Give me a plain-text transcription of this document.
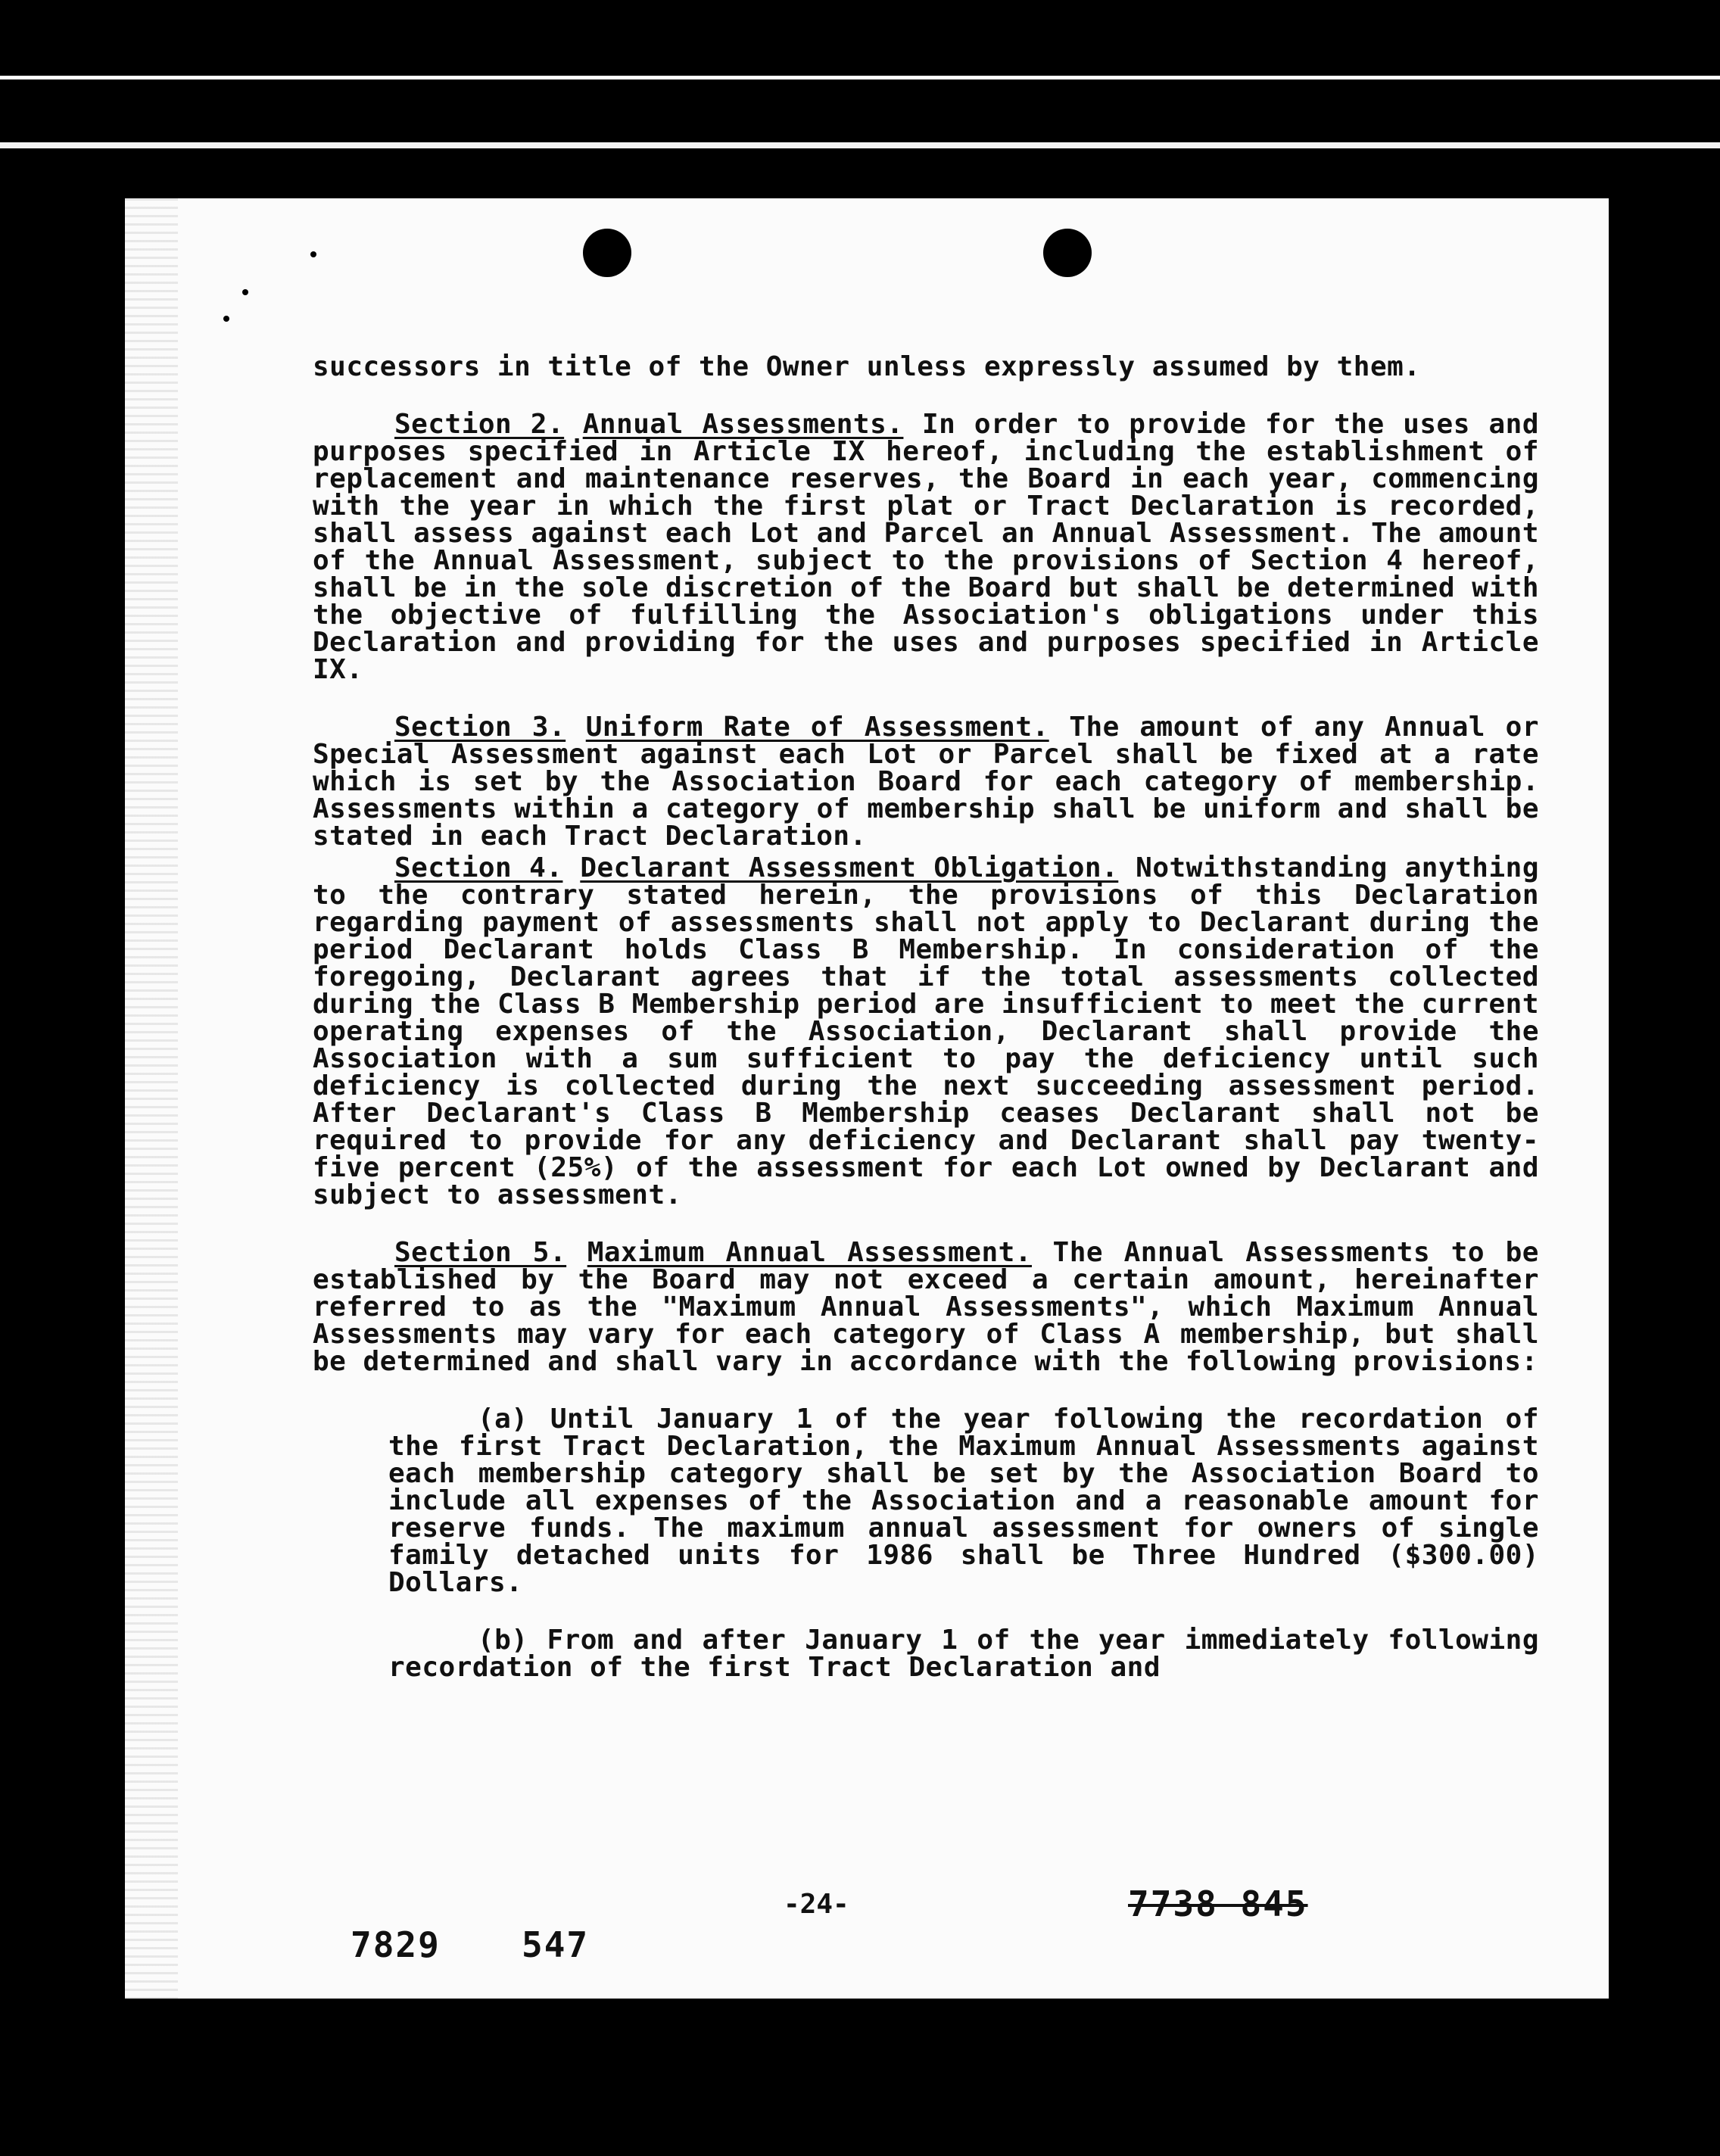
successors in title of the Owner unless expressly assumed by them.

Section 2. Annual Assessments. In order to provide for the uses and purposes specified in Article IX hereof, including the establishment of replacement and maintenance reserves, the Board in each year, commencing with the year in which the first plat or Tract Declaration is recorded, shall assess against each Lot and Parcel an Annual Assessment. The amount of the Annual Assessment, subject to the provisions of Section 4 hereof, shall be in the sole discretion of the Board but shall be determined with the objective of fulfilling the Association's obligations under this Declaration and providing for the uses and purposes specified in Article IX.

Section 3. Uniform Rate of Assessment. The amount of any Annual or Special Assessment against each Lot or Parcel shall be fixed at a rate which is set by the Association Board for each category of membership. Assessments within a category of membership shall be uniform and shall be stated in each Tract Declaration.

Section 4. Declarant Assessment Obligation. Notwithstanding anything to the contrary stated herein, the provisions of this Declaration regarding payment of assessments shall not apply to Declarant during the period Declarant holds Class B Membership. In consideration of the foregoing, Declarant agrees that if the total assessments collected during the Class B Membership period are insufficient to meet the current operating expenses of the Association, Declarant shall provide the Association with a sum sufficient to pay the deficiency until such deficiency is collected during the next succeeding assessment period. After Declarant's Class B Membership ceases Declarant shall not be required to provide for any deficiency and Declarant shall pay twenty-five percent (25%) of the assessment for each Lot owned by Declarant and subject to assessment.

Section 5. Maximum Annual Assessment. The Annual Assessments to be established by the Board may not exceed a certain amount, hereinafter referred to as the "Maximum Annual Assessments", which Maximum Annual Assessments may vary for each category of Class A membership, but shall be determined and shall vary in accordance with the following provisions:

(a) Until January 1 of the year following the recordation of the first Tract Declaration, the Maximum Annual Assessments against each membership category shall be set by the Association Board to include all expenses of the Association and a reasonable amount for reserve funds. The maximum annual assessment for owners of single family detached units for 1986 shall be Three Hundred ($300.00) Dollars.

(b) From and after January 1 of the year immediately following recordation of the first Tract Declaration and

-24-
7829 547
7738 845
